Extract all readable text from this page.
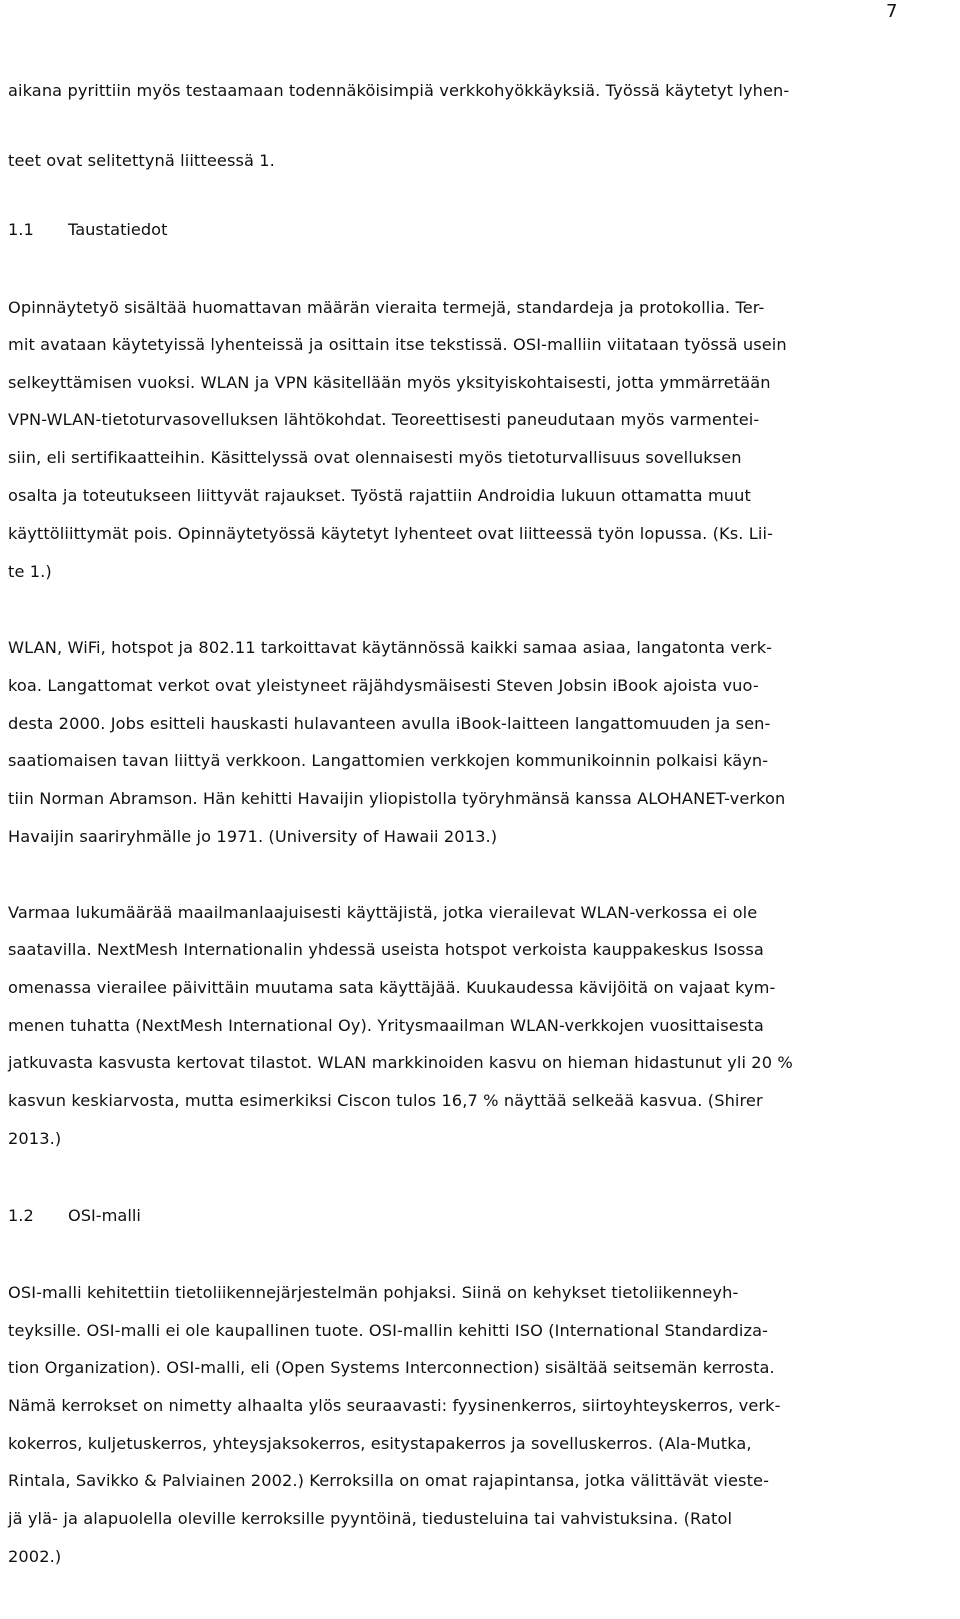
7
aikana pyrittiin myös testaamaan todennäköisimpiä verkkohyökkäyksiä. Työssä käytetyt lyhen-
teet ovat selitettynä liitteessä 1.
1.1 Taustatiedot
Opinnäytetyö sisältää huomattavan määrän vieraita termejä, standardeja ja protokollia. Ter-
mit avataan käytetyissä lyhenteissä ja osittain itse tekstissä. OSI-malliin viitataan työssä usein
selkeyttämisen vuoksi. WLAN ja VPN käsitellään myös yksityiskohtaisesti, jotta ymmärretään
VPN-WLAN-tietoturvasovelluksen lähtökohdat. Teoreettisesti paneudutaan myös varmentei-
siin, eli sertifikaatteihin. Käsittelyssä ovat olennaisesti myös tietoturvallisuus sovelluksen
osalta ja toteutukseen liittyvät rajaukset. Työstä rajattiin Androidia lukuun ottamatta muut
käyttöliittymät pois. Opinnäytetyössä käytetyt lyhenteet ovat liitteessä työn lopussa. (Ks. Lii-
te 1.)
WLAN, WiFi, hotspot ja 802.11 tarkoittavat käytännössä kaikki samaa asiaa, langatonta verk-
koa. Langattomat verkot ovat yleistyneet räjähdysmäisesti Steven Jobsin iBook ajoista vuo-
desta 2000. Jobs esitteli hauskasti hulavanteen avulla iBook-laitteen langattomuuden ja sen-
saatiomaisen tavan liittyä verkkoon. Langattomien verkkojen kommunikoinnin polkaisi käyn-
tiin Norman Abramson. Hän kehitti Havaijin yliopistolla työryhmänsä kanssa ALOHANET-verkon
Havaijin saariryhmälle jo 1971. (University of Hawaii 2013.)
Varmaa lukumäärää maailmanlaajuisesti käyttäjistä, jotka vierailevat WLAN-verkossa ei ole
saatavilla. NextMesh Internationalin yhdessä useista hotspot verkoista kauppakeskus Isossa
omenassa vierailee päivittäin muutama sata käyttäjää. Kuukaudessa kävijöitä on vajaat kym-
menen tuhatta (NextMesh International Oy). Yritysmaailman WLAN-verkkojen vuosittaisesta
jatkuvasta kasvusta kertovat tilastot. WLAN markkinoiden kasvu on hieman hidastunut yli 20 %
kasvun keskiarvosta, mutta esimerkiksi Ciscon tulos 16,7 % näyttää selkeää kasvua. (Shirer
2013.)
1.2 OSI-malli
OSI-malli kehitettiin tietoliikennejärjestelmän pohjaksi. Siinä on kehykset tietoliikenneyh-
teyksille. OSI-malli ei ole kaupallinen tuote. OSI-mallin kehitti ISO (International Standardiza-
tion Organization). OSI-malli, eli (Open Systems Interconnection) sisältää seitsemän kerrosta.
Nämä kerrokset on nimetty alhaalta ylös seuraavasti: fyysinenkerros, siirtoyhteyskerros, verk-
kokerros, kuljetuskerros, yhteysjaksokerros, esitystapakerros ja sovelluskerros. (Ala-Mutka,
Rintala, Savikko & Palviainen 2002.) Kerroksilla on omat rajapintansa, jotka välittävät vieste-
jä ylä- ja alapuolella oleville kerroksille pyyntöinä, tiedusteluina tai vahvistuksina. (Ratol
2002.)
